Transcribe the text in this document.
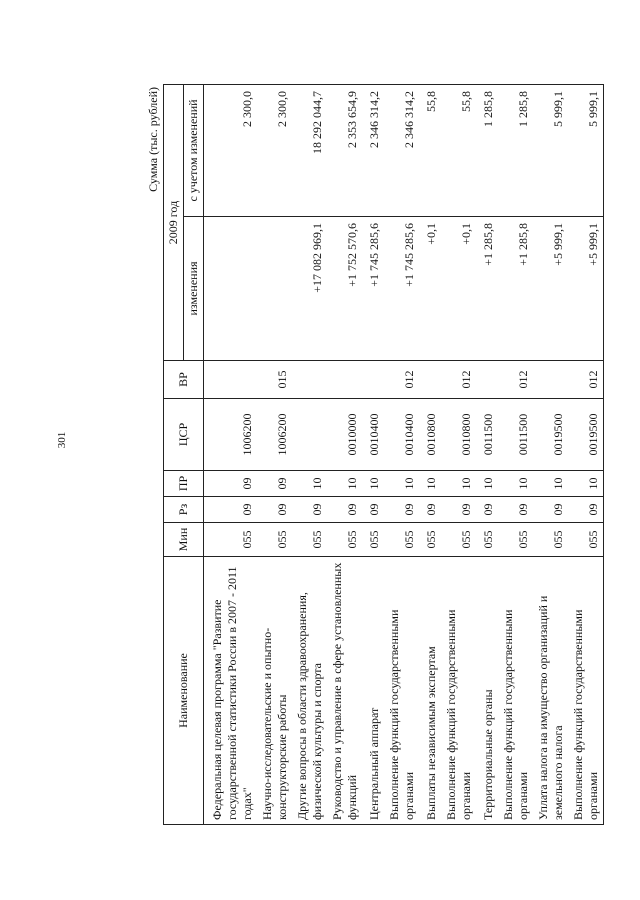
301
Сумма (тыс. рублей)
Наименование	Мин	Рз	ПР	ЦСР	ВР	2009 год	
						изменения	с учетом изменений
Федеральная целевая программа "Развитие государственной статистики России в 2007 - 2011 годах"	055	09	09	1006200			2 300,0
Научно-исследовательские и опытно-конструкторские работы	055	09	09	1006200	015		2 300,0
Другие вопросы в области здравоохранения, физической культуры и спорта	055	09	10			+17 082 969,1	18 292 044,7
Руководство и управление в сфере установленных функций	055	09	10	0010000		+1 752 570,6	2 353 654,9
Центральный аппарат	055	09	10	0010400		+1 745 285,6	2 346 314,2
Выполнение функций государственными органами	055	09	10	0010400	012	+1 745 285,6	2 346 314,2
Выплаты независимым экспертам	055	09	10	0010800		+0,1	55,8
Выполнение функций государственными органами	055	09	10	0010800	012	+0,1	55,8
Территориальные органы	055	09	10	0011500		+1 285,8	1 285,8
Выполнение функций государственными органами	055	09	10	0011500	012	+1 285,8	1 285,8
Уплата налога на имущество организаций и земельного налога	055	09	10	0019500		+5 999,1	5 999,1
Выполнение функций государственными органами	055	09	10	0019500	012	+5 999,1	5 999,1
